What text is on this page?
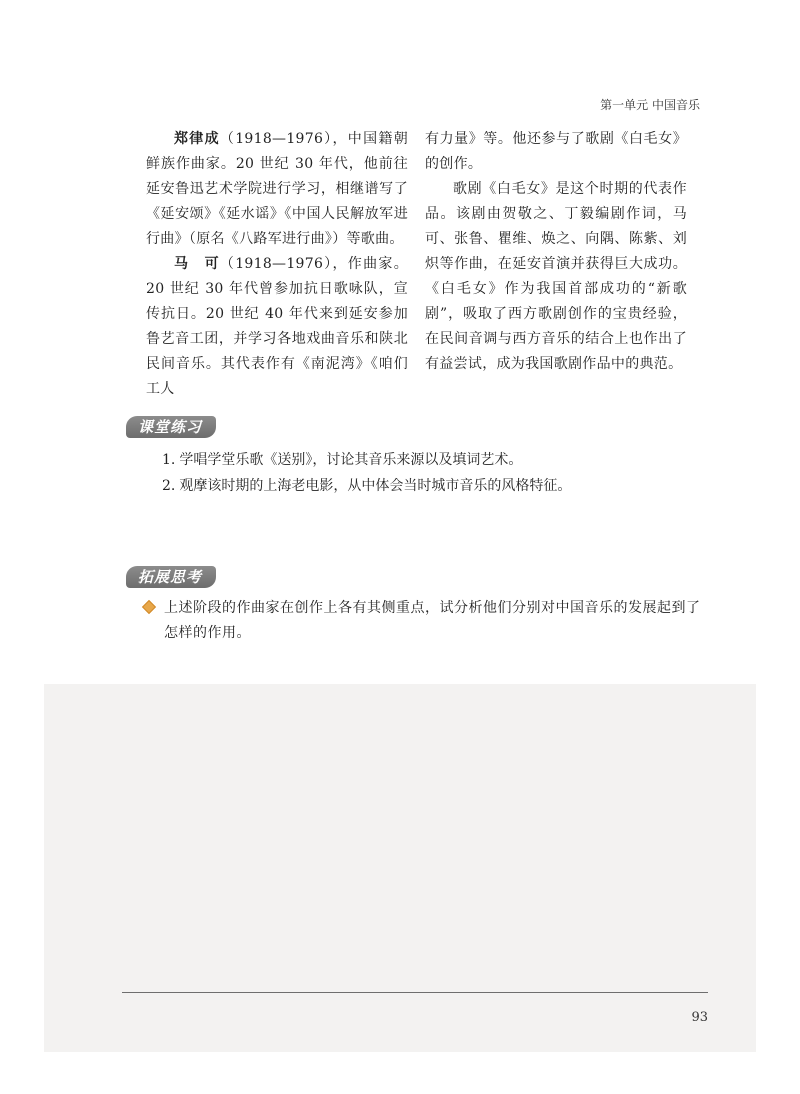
第一单元 中国音乐

郑律成（1918—1976），中国籍朝鲜族作曲家。20 世纪 30 年代，他前往延安鲁迅艺术学院进行学习，相继谱写了《延安颂》《延水谣》《中国人民解放军进行曲》（原名《八路军进行曲》）等歌曲。

马　可（1918—1976），作曲家。20 世纪 30 年代曾参加抗日歌咏队，宣传抗日。20 世纪 40 年代来到延安参加鲁艺音工团，并学习各地戏曲音乐和陕北民间音乐。其代表作有《南泥湾》《咱们工人

有力量》等。他还参与了歌剧《白毛女》的创作。

歌剧《白毛女》是这个时期的代表作品。该剧由贺敬之、丁毅编剧作词，马可、张鲁、瞿维、焕之、向隅、陈紫、刘炽等作曲，在延安首演并获得巨大成功。《白毛女》作为我国首部成功的“新歌剧”，吸取了西方歌剧创作的宝贵经验，在民间音调与西方音乐的结合上也作出了有益尝试，成为我国歌剧作品中的典范。

课堂练习
1. 学唱学堂乐歌《送别》，讨论其音乐来源以及填词艺术。
2. 观摩该时期的上海老电影，从中体会当时城市音乐的风格特征。
拓展思考
上述阶段的作曲家在创作上各有其侧重点，试分析他们分别对中国音乐的发展起到了怎样的作用。
93
